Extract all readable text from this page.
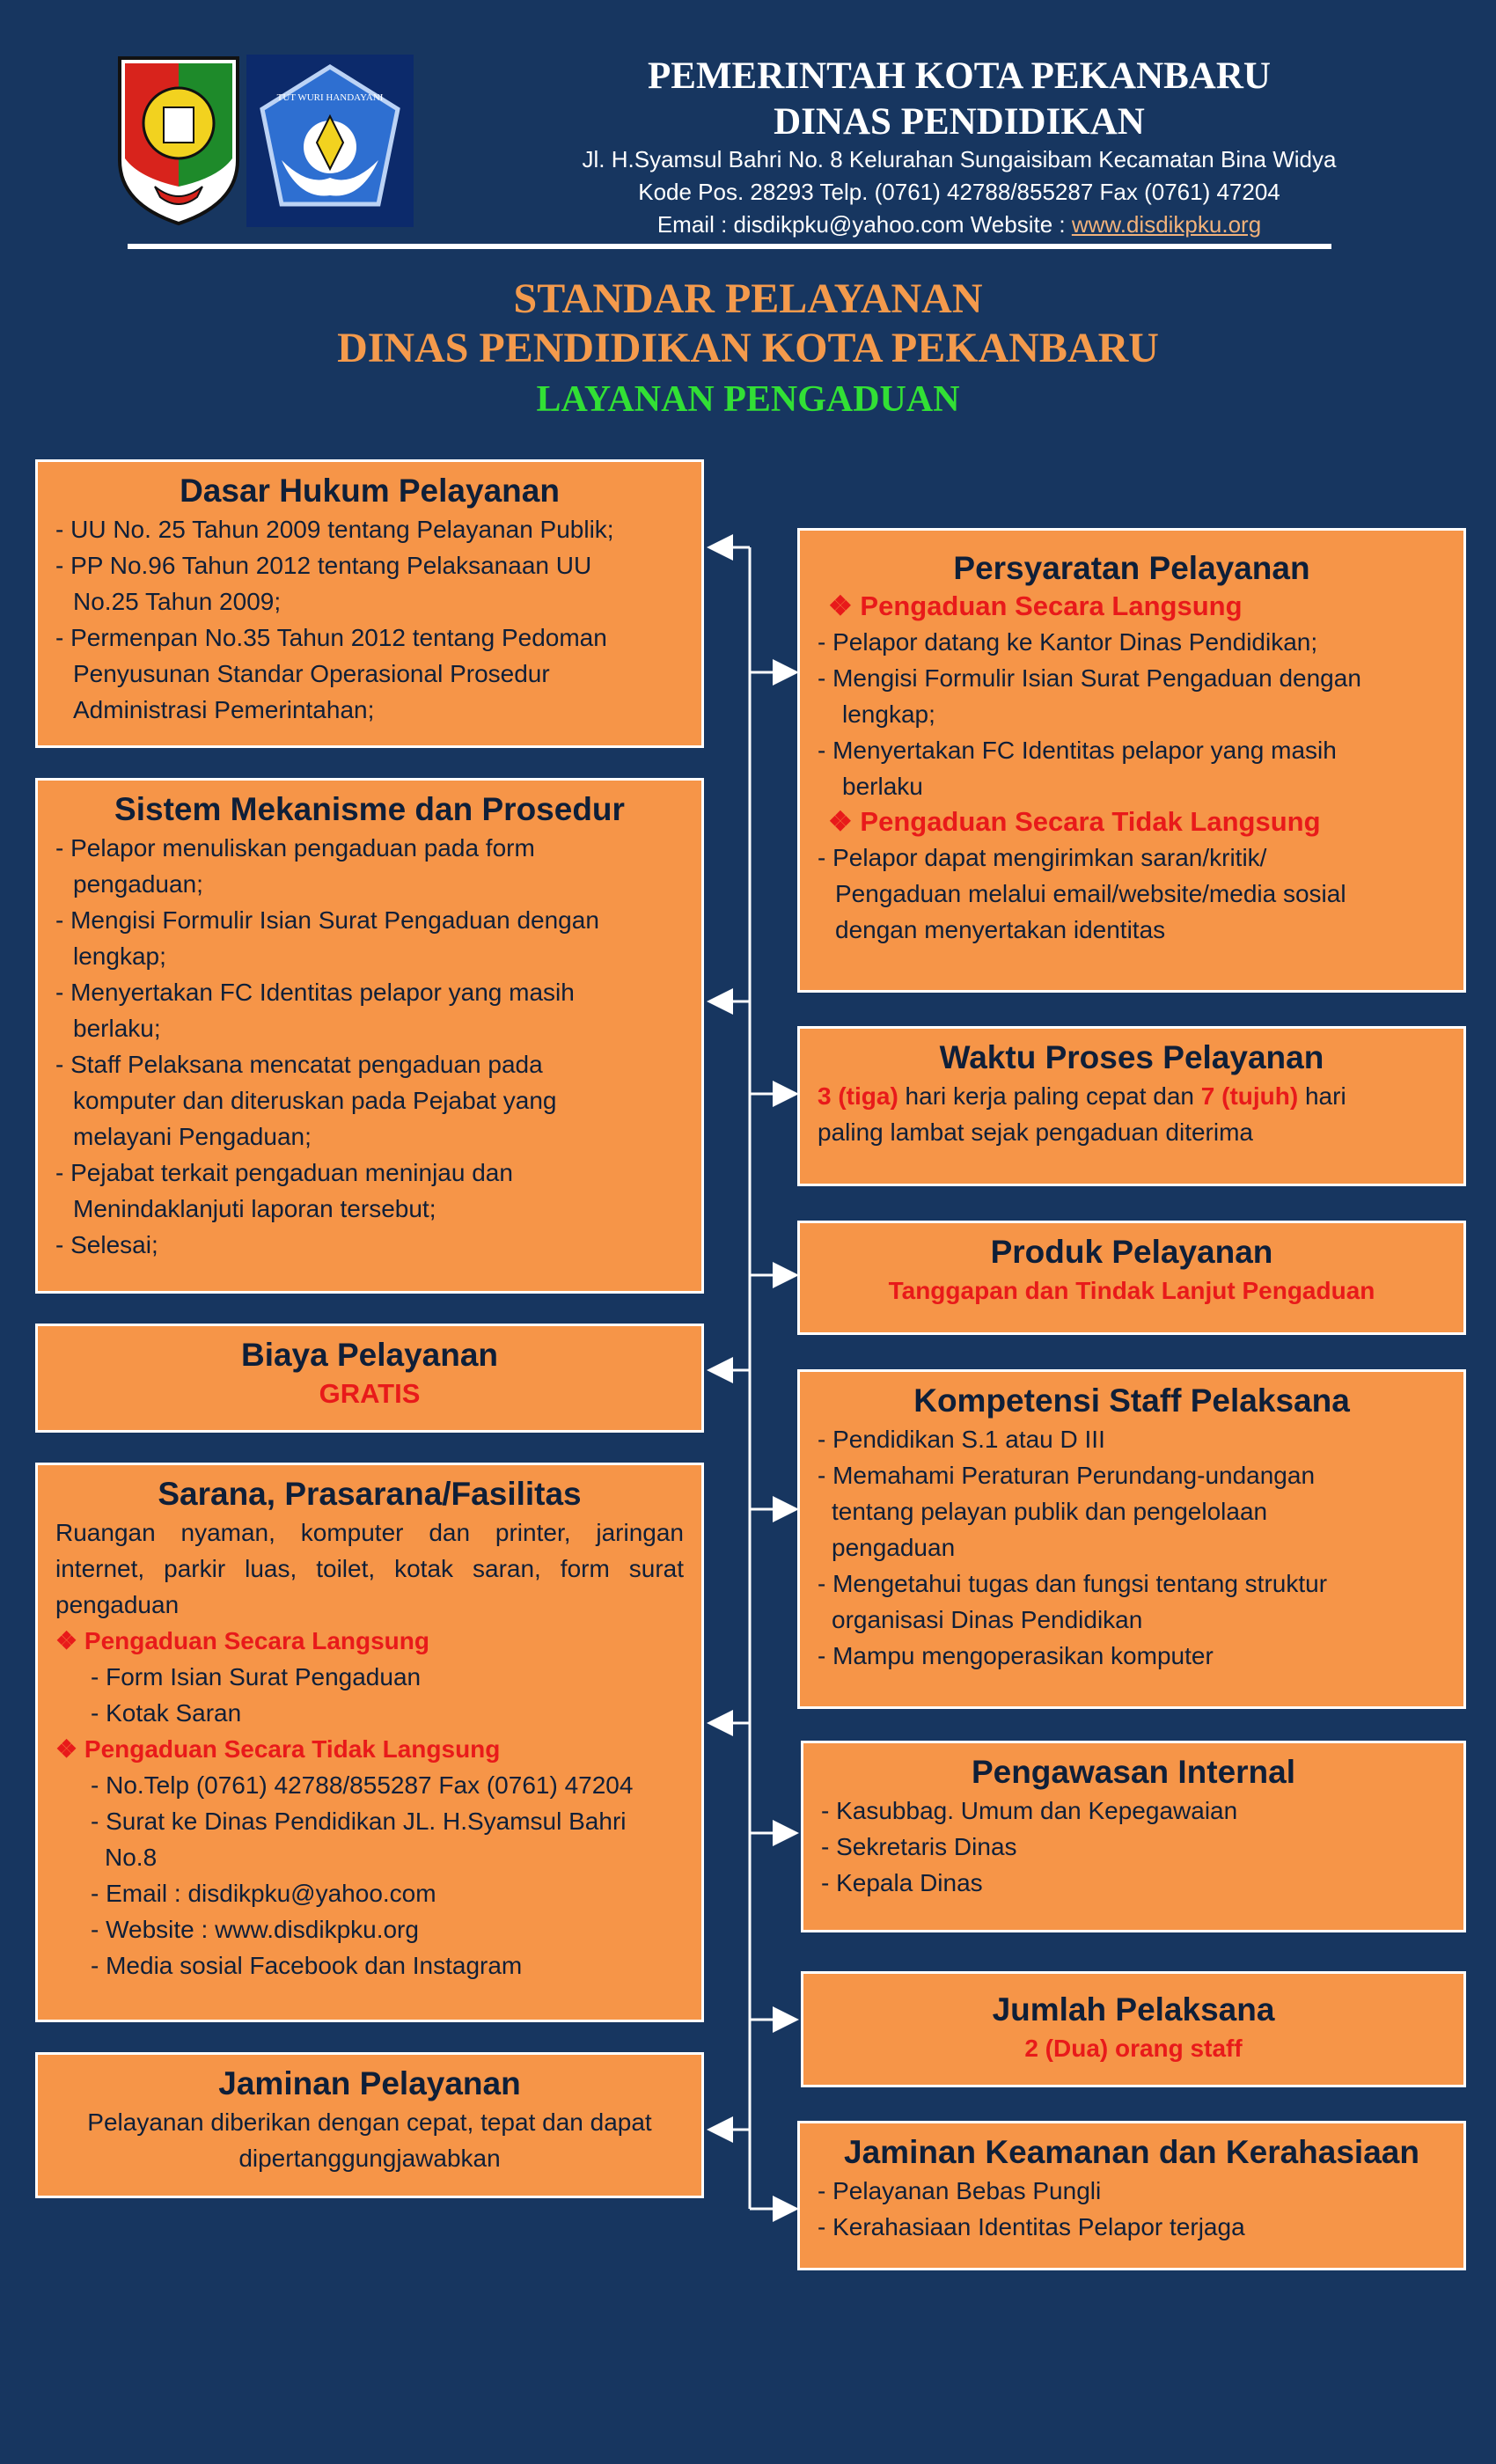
TUT WURI HANDAYANI
PEMERINTAH KOTA PEKANBARU
DINAS PENDIDIKAN
Jl. H.Syamsul Bahri No. 8 Kelurahan Sungaisibam Kecamatan Bina Widya
Kode Pos. 28293 Telp. (0761) 42788/855287 Fax (0761) 47204
Email : disdikpku@yahoo.com Website : www.disdikpku.org
STANDAR PELAYANAN
DINAS PENDIDIKAN KOTA PEKANBARU
LAYANAN PENGADUAN
Dasar Hukum Pelayanan
- UU No. 25 Tahun 2009 tentang Pelayanan Publik;
- PP No.96 Tahun 2012 tentang Pelaksanaan UU
No.25 Tahun 2009;
- Permenpan No.35 Tahun 2012 tentang Pedoman
Penyusunan Standar Operasional Prosedur
Administrasi Pemerintahan;
Sistem Mekanisme dan Prosedur
- Pelapor menuliskan pengaduan pada form
pengaduan;
- Mengisi Formulir Isian Surat Pengaduan dengan
lengkap;
- Menyertakan FC Identitas pelapor yang masih
berlaku;
- Staff Pelaksana mencatat pengaduan pada
komputer dan diteruskan pada Pejabat yang
melayani Pengaduan;
- Pejabat terkait pengaduan meninjau dan
Menindaklanjuti laporan tersebut;
- Selesai;
Biaya Pelayanan
GRATIS
Sarana, Prasarana/Fasilitas
Ruangan nyaman, komputer dan printer, jaringan internet, parkir luas, toilet, kotak saran, form surat pengaduan
❖ Pengaduan Secara Langsung
- Form Isian Surat Pengaduan
- Kotak Saran
❖ Pengaduan Secara Tidak Langsung
- No.Telp (0761) 42788/855287 Fax (0761) 47204
- Surat ke Dinas Pendidikan JL. H.Syamsul Bahri
No.8
- Email : disdikpku@yahoo.com
- Website : www.disdikpku.org
- Media sosial Facebook dan Instagram
Jaminan Pelayanan
Pelayanan diberikan dengan cepat, tepat dan dapat
dipertanggungjawabkan
Persyaratan Pelayanan
❖ Pengaduan Secara Langsung
- Pelapor datang ke Kantor Dinas Pendidikan;
- Mengisi Formulir Isian Surat Pengaduan dengan
lengkap;
- Menyertakan FC Identitas pelapor yang masih
berlaku
❖ Pengaduan Secara Tidak Langsung
- Pelapor dapat mengirimkan saran/kritik/
Pengaduan melalui email/website/media sosial
dengan menyertakan identitas
Waktu Proses Pelayanan
3 (tiga) hari kerja paling cepat dan 7 (tujuh) hari
paling lambat sejak pengaduan diterima
Produk Pelayanan
Tanggapan dan Tindak Lanjut Pengaduan
Kompetensi Staff Pelaksana
- Pendidikan S.1 atau D III
- Memahami Peraturan Perundang-undangan
tentang pelayan publik dan pengelolaan
pengaduan
- Mengetahui tugas dan fungsi tentang struktur
organisasi Dinas Pendidikan
- Mampu mengoperasikan komputer
Pengawasan Internal
- Kasubbag. Umum dan Kepegawaian
- Sekretaris Dinas
- Kepala Dinas
Jumlah Pelaksana
2 (Dua) orang staff
Jaminan Keamanan dan Kerahasiaan
- Pelayanan Bebas Pungli
- Kerahasiaan Identitas Pelapor terjaga
